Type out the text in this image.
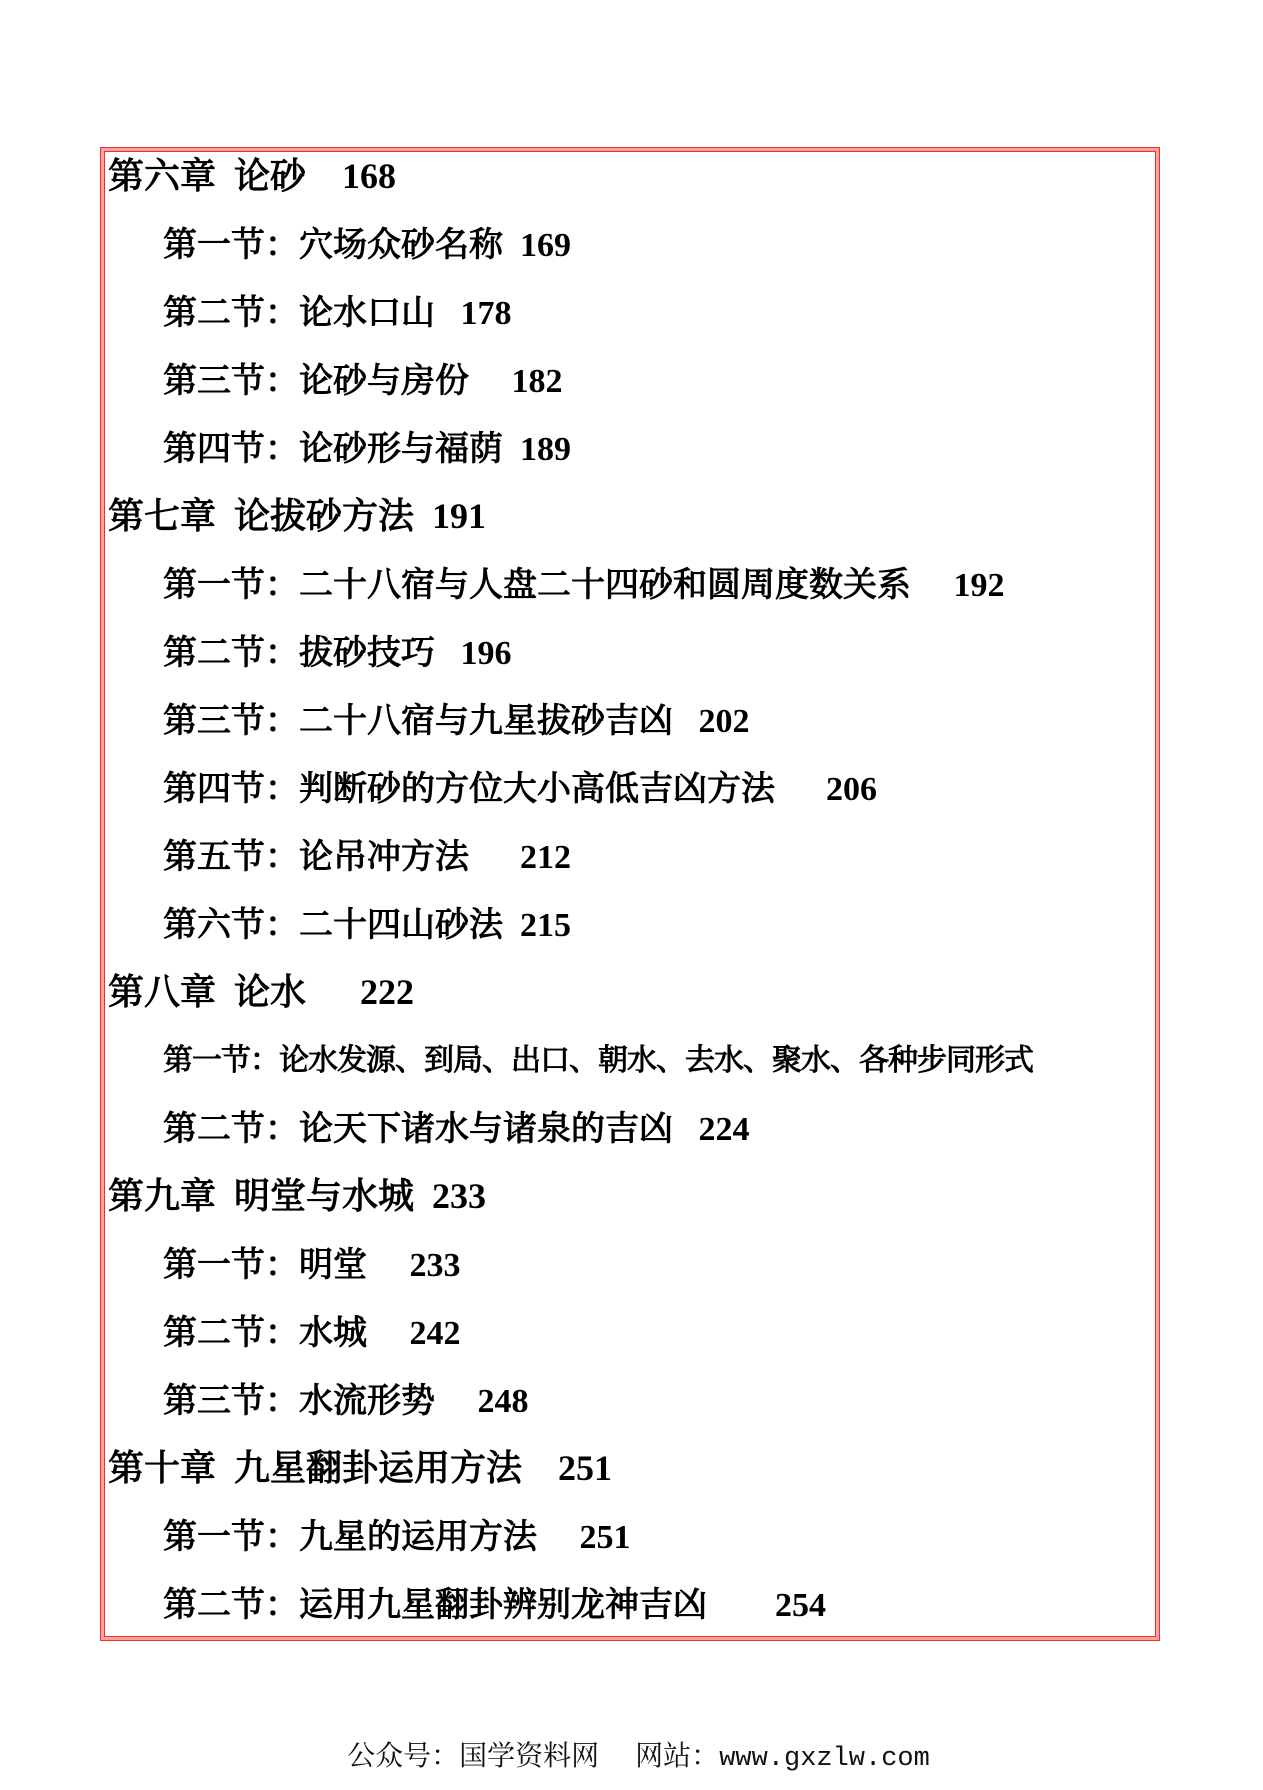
第六章  论砂　168
第一节：穴场众砂名称  169
第二节：论水口山   178
第三节：论砂与房份　 182
第四节：论砂形与福荫  189
第七章  论拔砂方法  191
第一节：二十八宿与人盘二十四砂和圆周度数关系　 192
第二节：拔砂技巧   196
第三节：二十八宿与九星拔砂吉凶   202
第四节：判断砂的方位大小高低吉凶方法　  206
第五节：论吊冲方法　  212
第六节：二十四山砂法  215
第八章  论水　  222
第一节：论水发源、到局、出口、朝水、去水、聚水、各种步同形式
第二节：论天下诸水与诸泉的吉凶   224
第九章  明堂与水城  233
第一节：明堂　 233
第二节：水城　 242
第三节：水流形势　 248
第十章  九星翻卦运用方法　251
第一节：九星的运用方法　 251
第二节：运用九星翻卦辨别龙神吉凶　　254

公众号：国学资料网 网站：www.gxzlw.com
